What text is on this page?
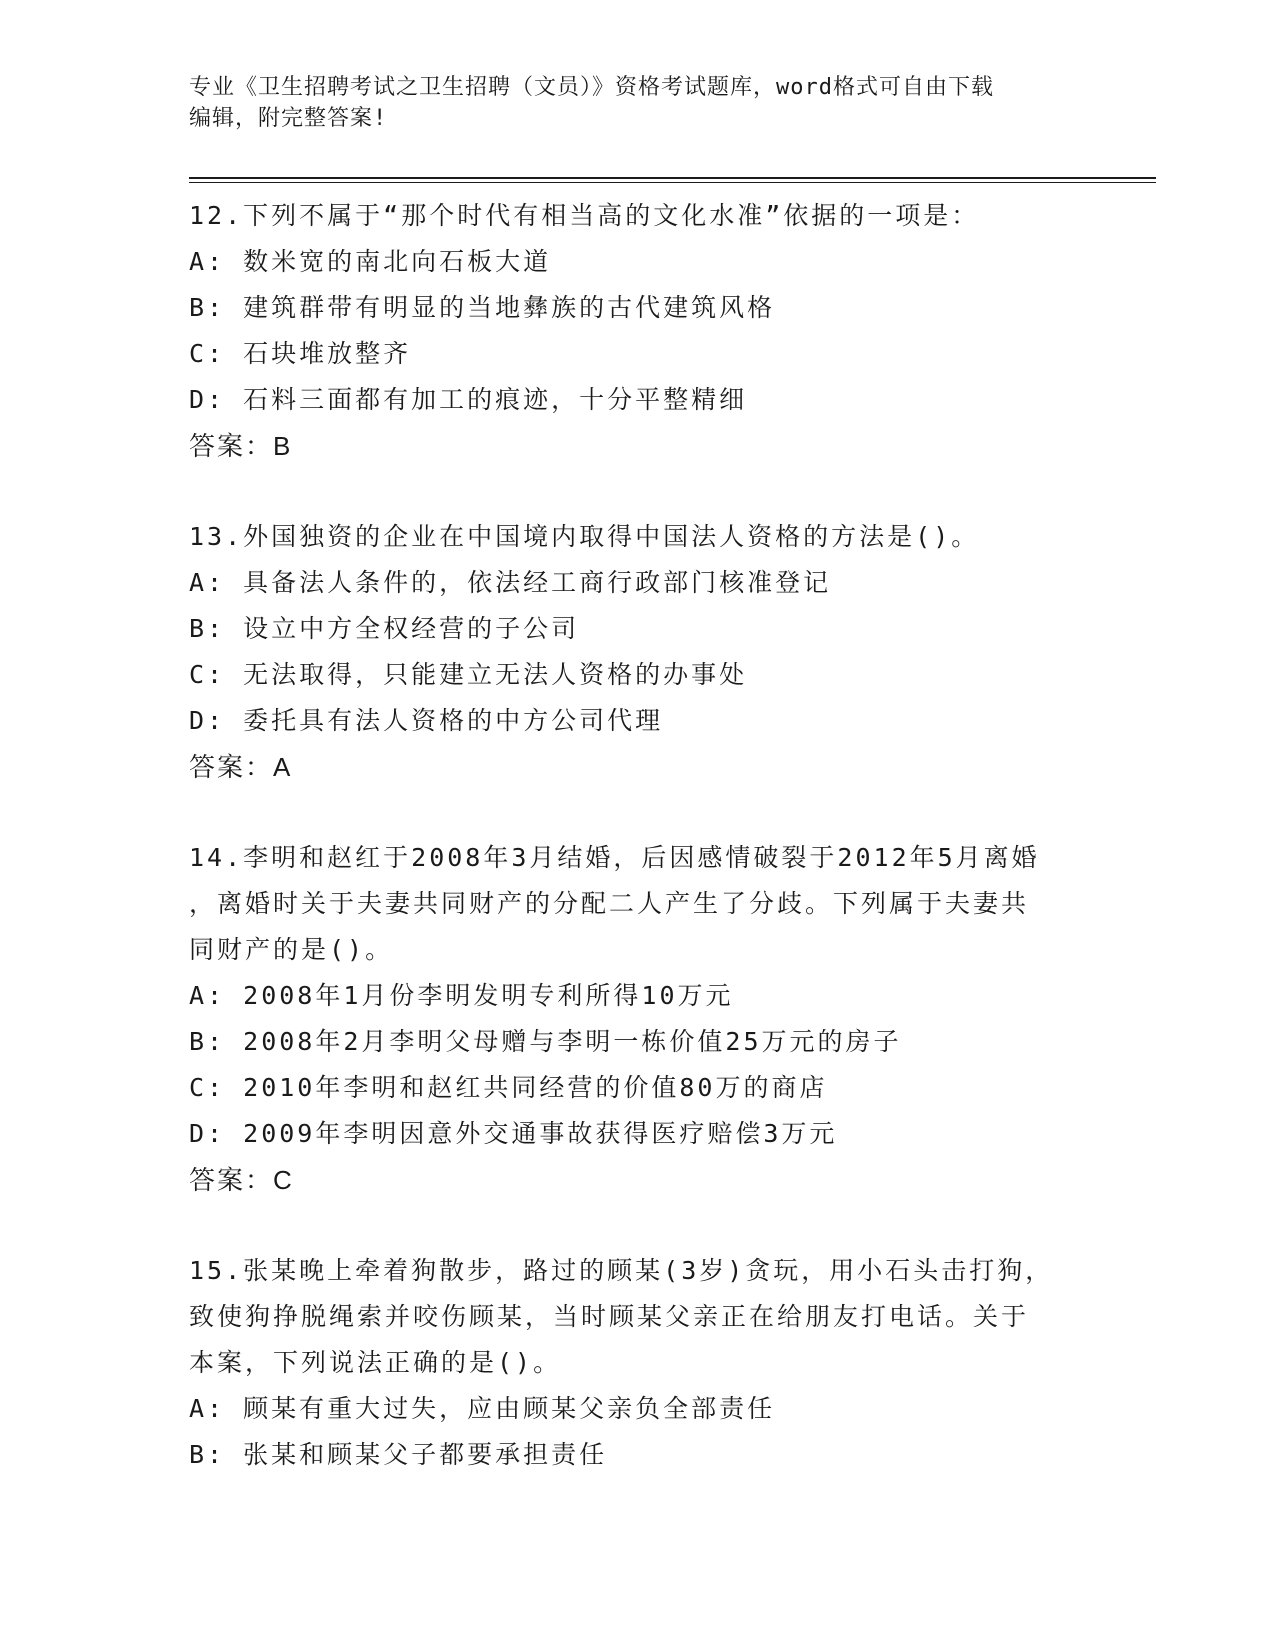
专业《卫生招聘考试之卫生招聘（文员）》资格考试题库，word格式可自由下载
编辑，附完整答案!
12.下列不属于“那个时代有相当高的文化水准”依据的一项是：
A: 数米宽的南北向石板大道
B: 建筑群带有明显的当地彝族的古代建筑风格
C: 石块堆放整齐
D: 石料三面都有加工的痕迹，十分平整精细
答案：B
13.外国独资的企业在中国境内取得中国法人资格的方法是()。
A: 具备法人条件的，依法经工商行政部门核准登记
B: 设立中方全权经营的子公司
C: 无法取得，只能建立无法人资格的办事处
D: 委托具有法人资格的中方公司代理
答案：A
14.李明和赵红于2008年3月结婚，后因感情破裂于2012年5月离婚
，离婚时关于夫妻共同财产的分配二人产生了分歧。下列属于夫妻共
同财产的是()。
A: 2008年1月份李明发明专利所得10万元
B: 2008年2月李明父母赠与李明一栋价值25万元的房子
C: 2010年李明和赵红共同经营的价值80万的商店
D: 2009年李明因意外交通事故获得医疗赔偿3万元
答案：C
15.张某晚上牵着狗散步，路过的顾某(3岁)贪玩，用小石头击打狗，
致使狗挣脱绳索并咬伤顾某，当时顾某父亲正在给朋友打电话。关于
本案，下列说法正确的是()。
A: 顾某有重大过失，应由顾某父亲负全部责任
B: 张某和顾某父子都要承担责任
